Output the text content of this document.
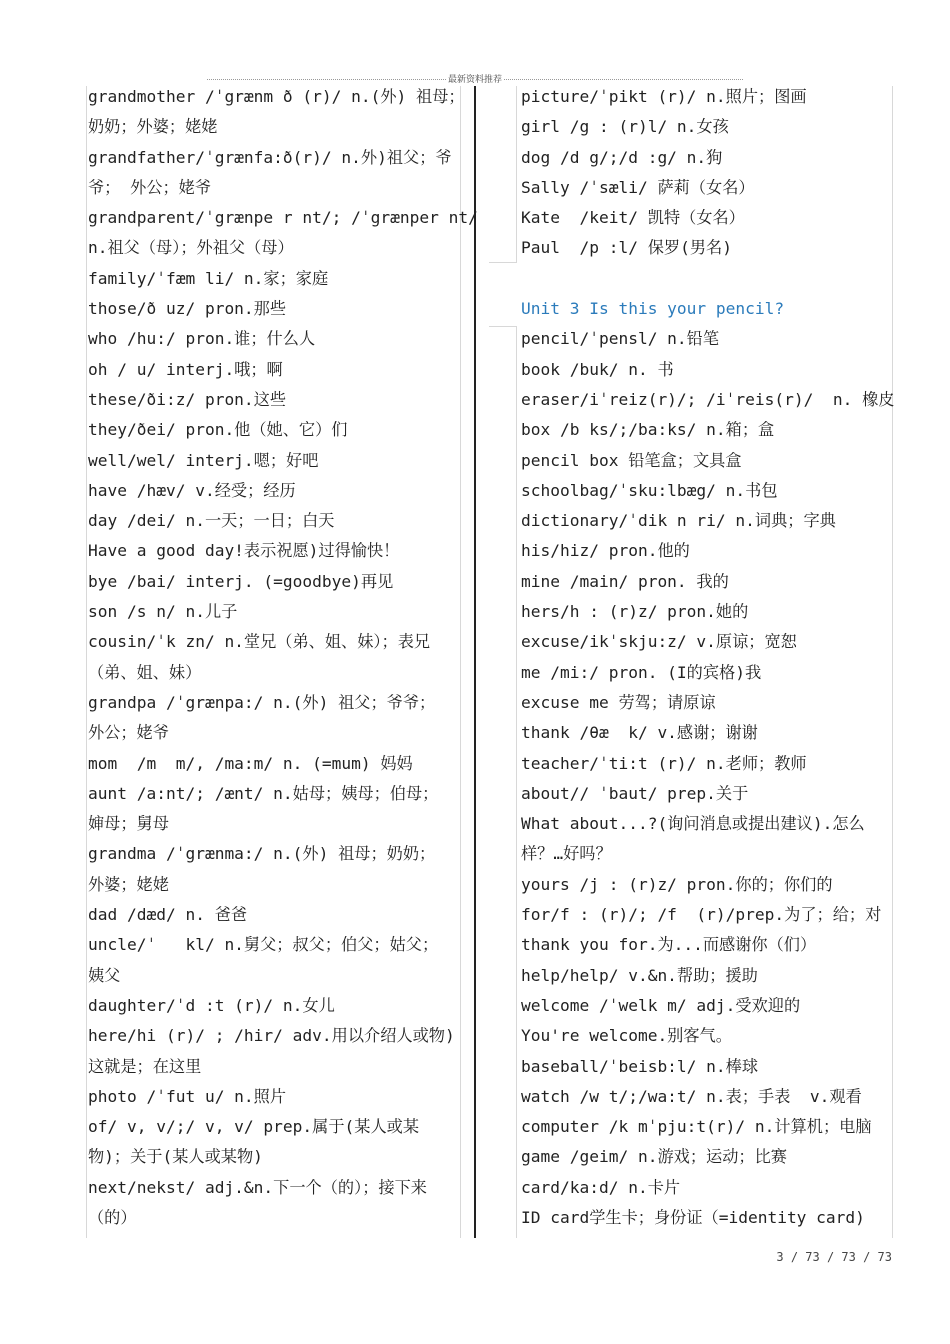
最新资料推荐
grandmother /ˈgrænm ð (r)/ n.(外) 祖母；
奶奶；外婆；姥姥
grandfather/ˈgrænfa:ð(r)/ n.外)祖父；爷
爷； 外公；姥爷
grandparent/ˈgrænpe r nt/; /ˈgrænper nt/
n.祖父（母）；外祖父（母）
family/ˈfæm li/ n.家；家庭
those/ð uz/ pron.那些
who /hu:/ pron.谁；什么人
oh / u/ interj.哦；啊
these/ði:z/ pron.这些
they/ðei/ pron.他（她、它）们
well/wel/ interj.嗯；好吧
have /hæv/ v.经受；经历
day /dei/ n.一天；一日；白天
Have a good day!表示祝愿)过得愉快！
bye /bai/ interj. (=goodbye)再见
son /s n/ n.儿子
cousin/ˈk zn/ n.堂兄（弟、姐、妹）；表兄
（弟、姐、妹）
grandpa /ˈgrænpa:/ n.(外) 祖父；爷爷；
外公；姥爷
mom  /m  m/, /ma:m/ n. (=mum) 妈妈
aunt /a:nt/; /ænt/ n.姑母；姨母；伯母；
婶母；舅母
grandma /ˈgrænma:/ n.(外) 祖母；奶奶；
外婆；姥姥
dad /dæd/ n. 爸爸
uncle/ˈ   kl/ n.舅父；叔父；伯父；姑父；
姨父
daughter/ˈd :t (r)/ n.女儿
here/hi (r)/ ; /hir/ adv.用以介绍人或物)
这就是；在这里
photo /ˈfut u/ n.照片
of/ v, v/;/ v, v/ prep.属于(某人或某
物)；关于(某人或某物)
next/nekst/ adj.&n.下一个（的）；接下来
（的）
picture/ˈpikt (r)/ n.照片；图画
girl /g : (r)l/ n.女孩
dog /d g/;/d :g/ n.狗
Sally /ˈsæli/ 萨莉（女名）
Kate  /keit/ 凯特（女名）
Paul  /p :l/ 保罗(男名)
Unit 3 Is this your pencil?
pencil/ˈpensl/ n.铅笔
book /buk/ n. 书
eraser/iˈreiz(r)/; /iˈreis(r)/  n. 橡皮
box /b ks/;/ba:ks/ n.箱；盒
pencil box 铅笔盒；文具盒
schoolbag/ˈsku:lbæg/ n.书包
dictionary/ˈdik n ri/ n.词典；字典
his/hiz/ pron.他的
mine /main/ pron. 我的
hers/h : (r)z/ pron.她的
excuse/ikˈskju:z/ v.原谅；宽恕
me /mi:/ pron. (I的宾格)我
excuse me 劳驾；请原谅
thank /θæ  k/ v.感谢；谢谢
teacher/ˈti:t (r)/ n.老师；教师
about// ˈbaut/ prep.关于
What about...?(询问消息或提出建议).怎么
样？…好吗？
yours /j : (r)z/ pron.你的；你们的
for/f : (r)/; /f  (r)/prep.为了；给；对
thank you for.为...而感谢你（们）
help/help/ v.&n.帮助；援助
welcome /ˈwelk m/ adj.受欢迎的
You're welcome.别客气。
baseball/ˈbeisb:l/ n.棒球
watch /w t/;/wa:t/ n.表；手表  v.观看
computer /k mˈpju:t(r)/ n.计算机；电脑
game /geim/ n.游戏；运动；比赛
card/ka:d/ n.卡片
ID card学生卡；身份证（=identity card)
3 / 73 / 73 / 73
